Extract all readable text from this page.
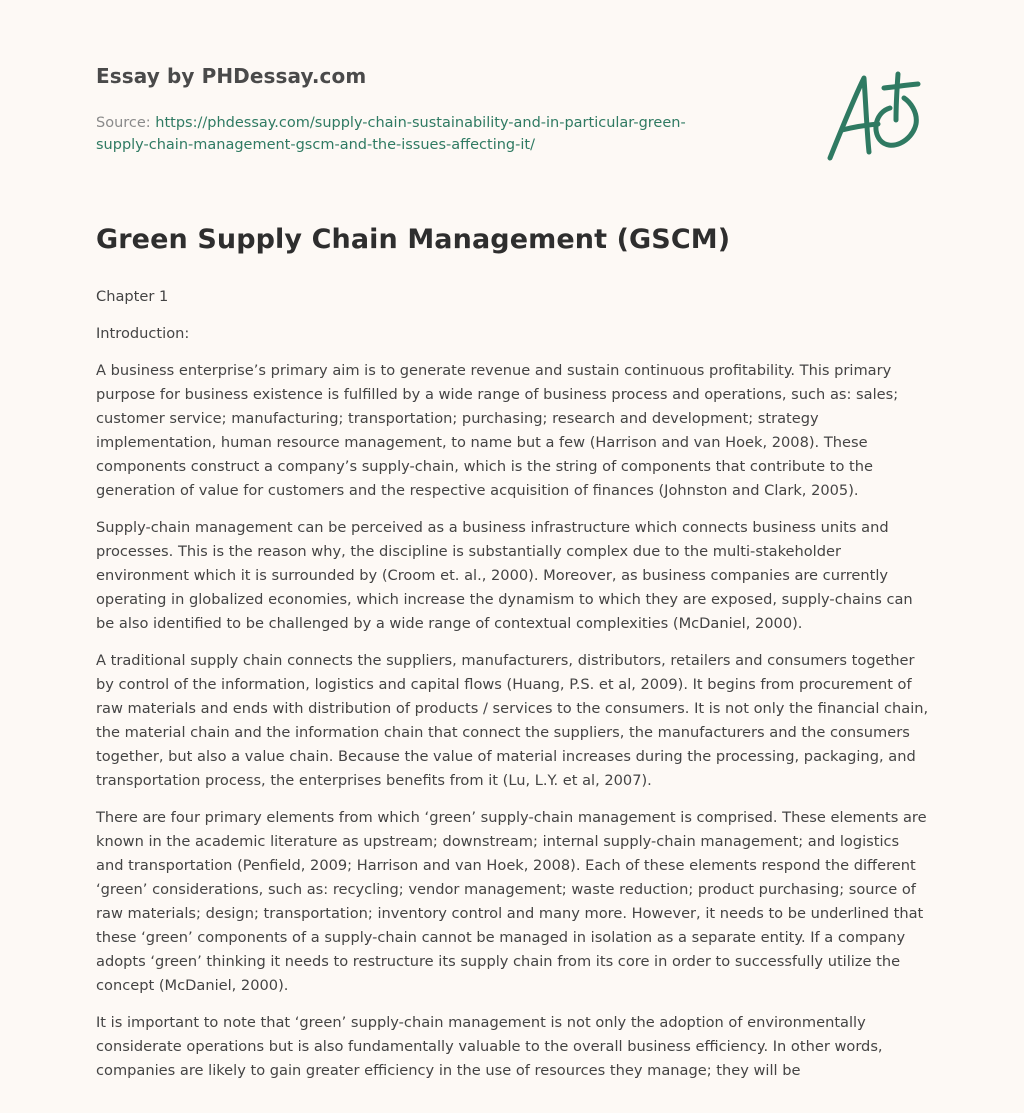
Essay by PHDessay.com
Source: https://phdessay.com/supply-chain-sustainability-and-in-particular-green-supply-chain-management-gscm-and-the-issues-affecting-it/
Green Supply Chain Management (GSCM)

Chapter 1

Introduction:

A business enterprise’s primary aim is to generate revenue and sustain continuous profitability. This primary purpose for business existence is fulfilled by a wide range of business process and operations, such as: sales; customer service; manufacturing; transportation; purchasing; research and development; strategy implementation, human resource management, to name but a few (Harrison and van Hoek, 2008). These components construct a company’s supply-chain, which is the string of components that contribute to the generation of value for customers and the respective acquisition of finances (Johnston and Clark, 2005).

Supply-chain management can be perceived as a business infrastructure which connects business units and processes. This is the reason why, the discipline is substantially complex due to the multi-stakeholder environment which it is surrounded by (Croom et. al., 2000). Moreover, as business companies are currently operating in globalized economies, which increase the dynamism to which they are exposed, supply-chains can be also identified to be challenged by a wide range of contextual complexities (McDaniel, 2000).

A traditional supply chain connects the suppliers, manufacturers, distributors, retailers and consumers together by control of the information, logistics and capital flows (Huang, P.S. et al, 2009). It begins from procurement of raw materials and ends with distribution of products / services to the consumers. It is not only the financial chain, the material chain and the information chain that connect the suppliers, the manufacturers and the consumers together, but also a value chain. Because the value of material increases during the processing, packaging, and transportation process, the enterprises benefits from it (Lu, L.Y. et al, 2007).

There are four primary elements from which ‘green’ supply-chain management is comprised. These elements are known in the academic literature as upstream; downstream; internal supply-chain management; and logistics and transportation (Penfield, 2009; Harrison and van Hoek, 2008). Each of these elements respond the different ‘green’ considerations, such as: recycling; vendor management; waste reduction; product purchasing; source of raw materials; design; transportation; inventory control and many more. However, it needs to be underlined that these ‘green’ components of a supply-chain cannot be managed in isolation as a separate entity. If a company adopts ‘green’ thinking it needs to restructure its supply chain from its core in order to successfully utilize the concept (McDaniel, 2000).

It is important to note that ‘green’ supply-chain management is not only the adoption of environmentally considerate operations but is also fundamentally valuable to the overall business efficiency. In other words, companies are likely to gain greater efficiency in the use of resources they manage; they will be
